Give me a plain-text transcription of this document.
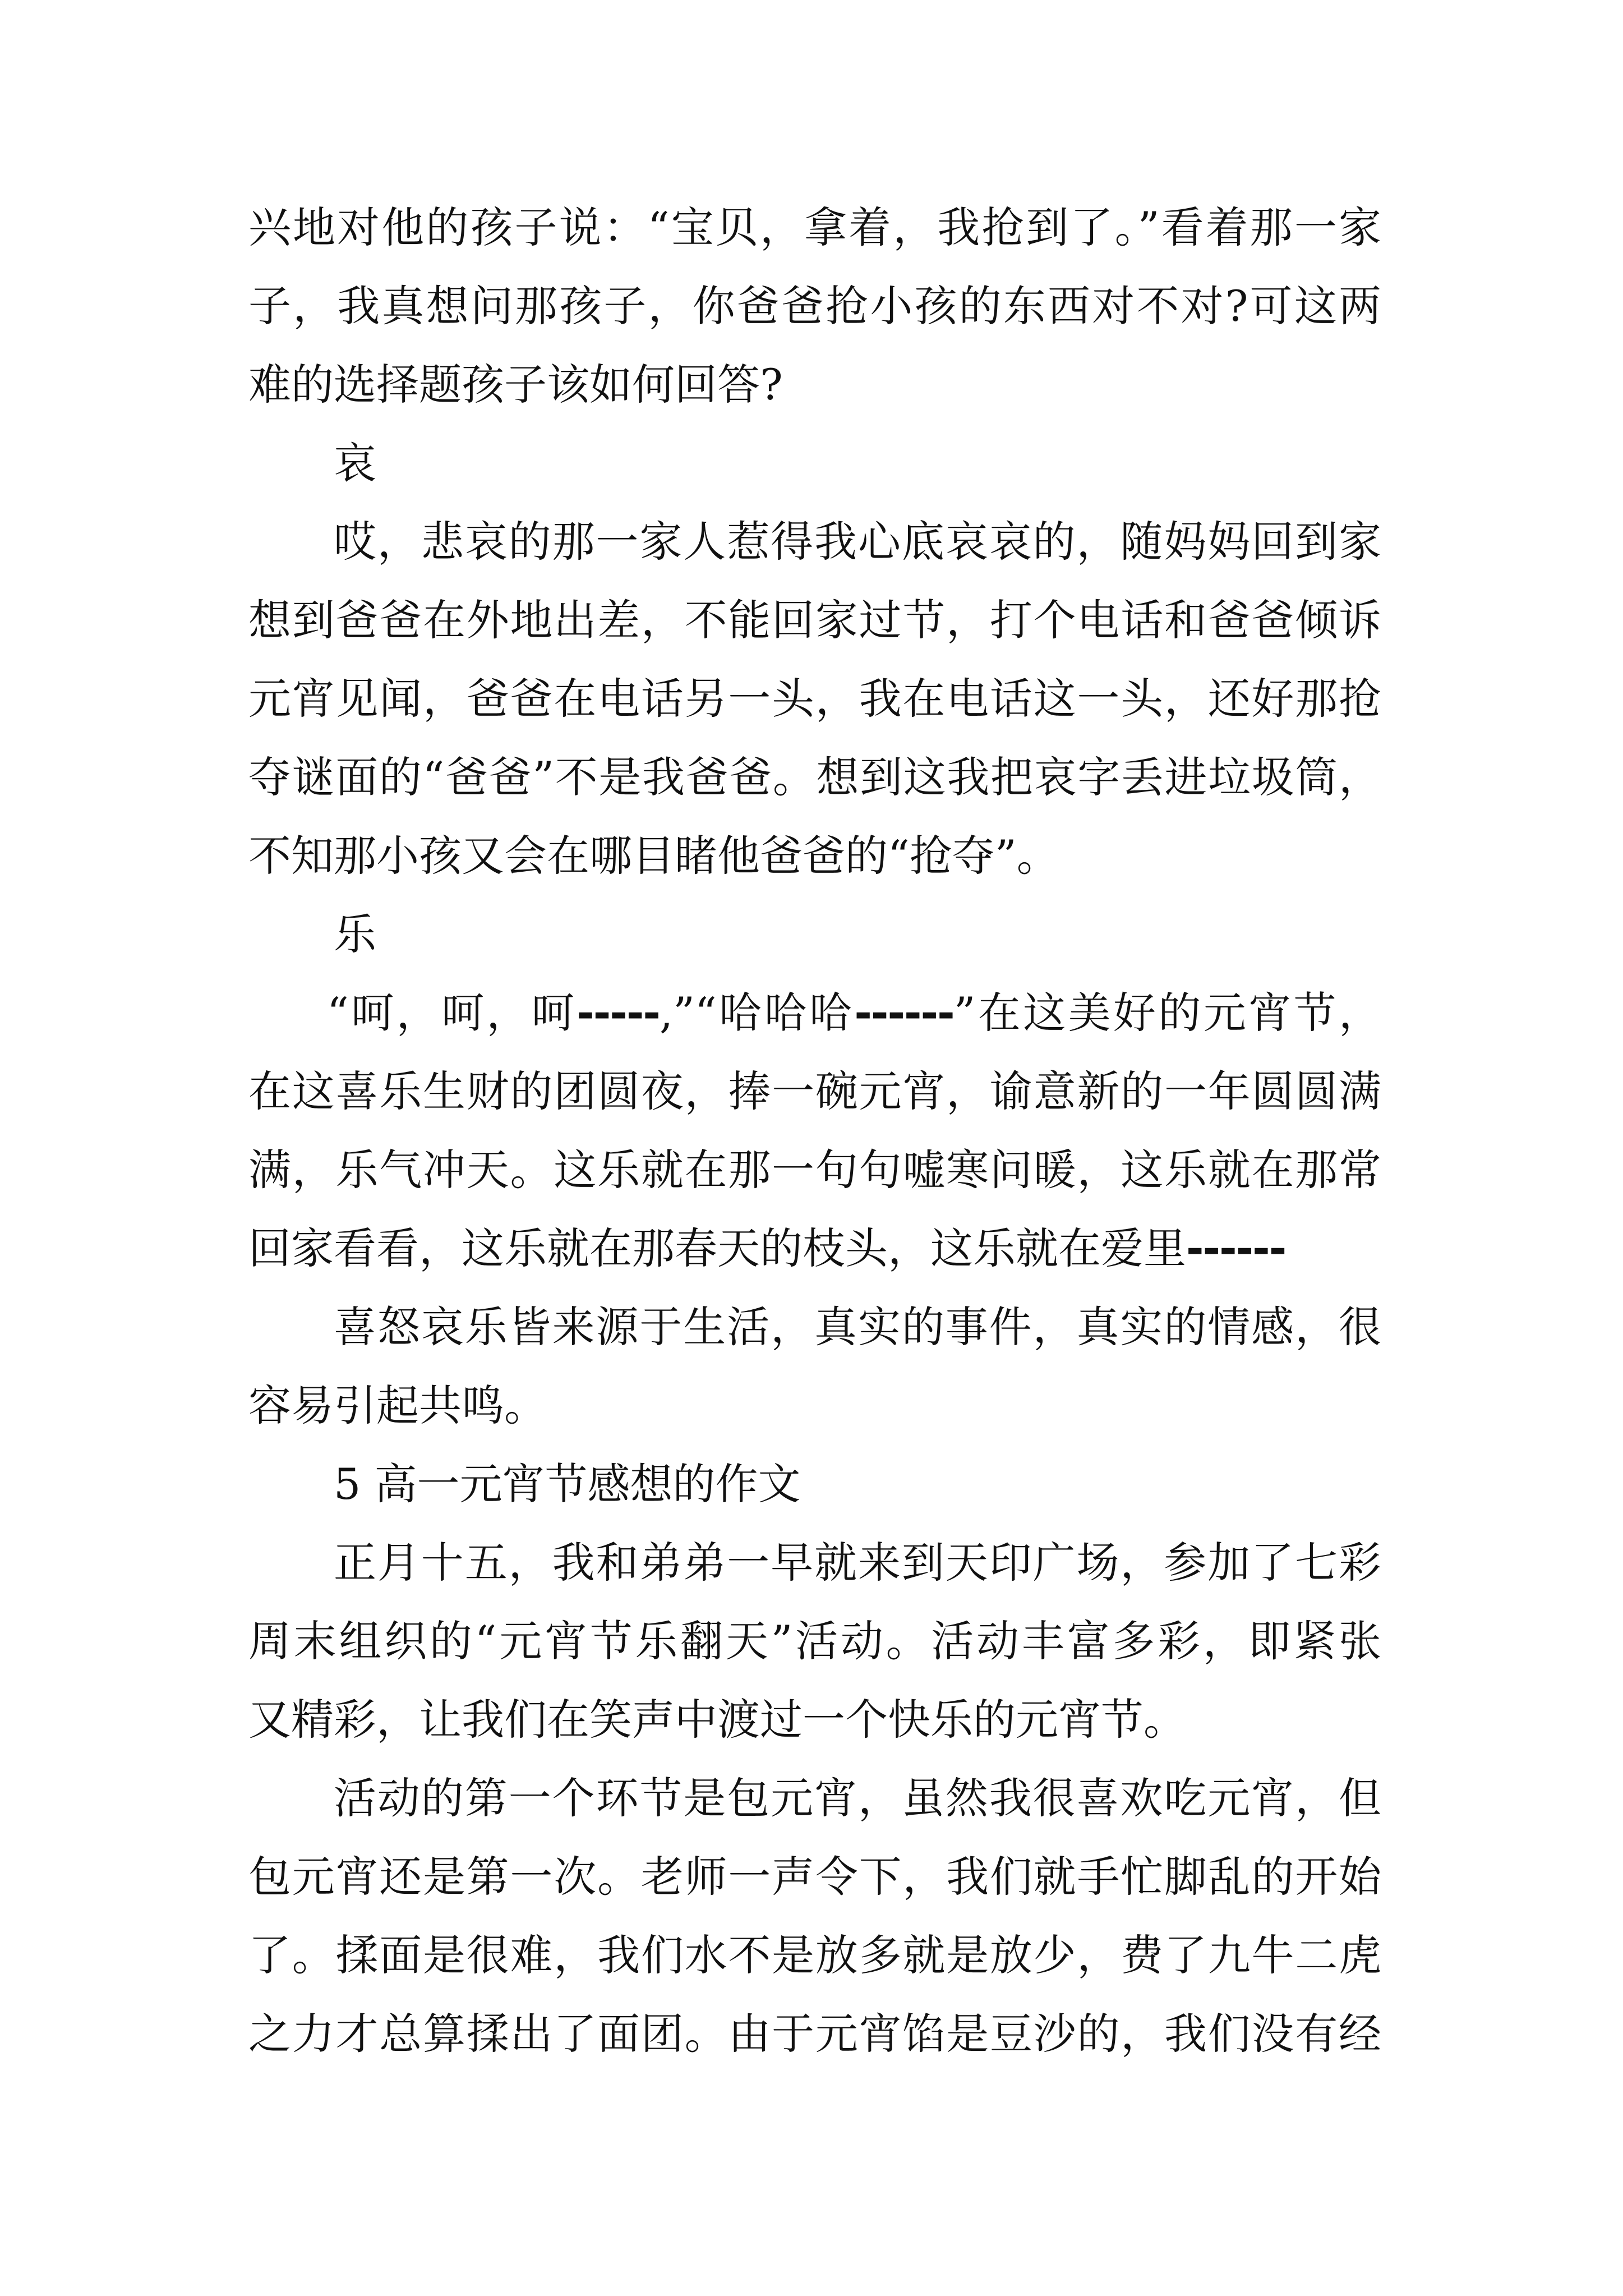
兴地对他的孩子说：“宝贝，拿着，我抢到了。”看着那一家
子，我真想问那孩子，你爸爸抢小孩的东西对不对?可这两
难的选择题孩子该如何回答?
哀
哎，悲哀的那一家人惹得我心底哀哀的，随妈妈回到家
想到爸爸在外地出差，不能回家过节，打个电话和爸爸倾诉
元宵见闻，爸爸在电话另一头，我在电话这一头，还好那抢
夺谜面的“爸爸”不是我爸爸。想到这我把哀字丢进垃圾筒，
不知那小孩又会在哪目睹他爸爸的“抢夺”。
乐
“呵，呵，呵-----,”“哈哈哈------”在这美好的元宵节，
在这喜乐生财的团圆夜，捧一碗元宵，谕意新的一年圆圆满
满，乐气冲天。这乐就在那一句句嘘寒问暖，这乐就在那常
回家看看，这乐就在那春天的枝头，这乐就在爱里------
喜怒哀乐皆来源于生活，真实的事件，真实的情感，很
容易引起共鸣。
5 高一元宵节感想的作文
正月十五，我和弟弟一早就来到天印广场，参加了七彩
周末组织的“元宵节乐翻天”活动。活动丰富多彩，即紧张
又精彩，让我们在笑声中渡过一个快乐的元宵节。
活动的第一个环节是包元宵，虽然我很喜欢吃元宵，但
包元宵还是第一次。老师一声令下，我们就手忙脚乱的开始
了。揉面是很难，我们水不是放多就是放少，费了九牛二虎
之力才总算揉出了面团。由于元宵馅是豆沙的，我们没有经
